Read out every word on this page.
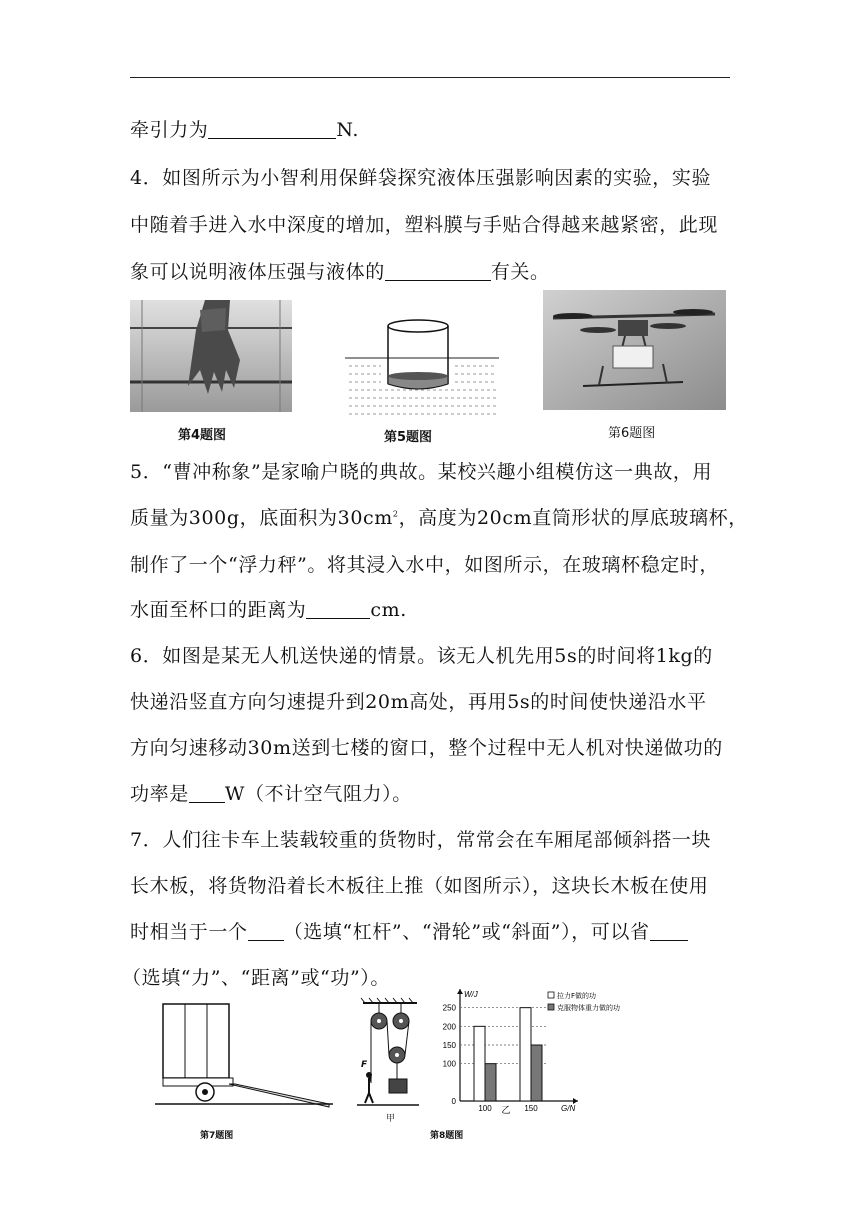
牵引力为	N.
4．如图所示为小智利用保鲜袋探究液体压强影响因素的实验，实验
中随着手进入水中深度的增加，塑料膜与手贴合得越来越紧密，此现
象可以说明液体压强与液体的	有关。
第4题图	第5题图	第6题图
5．“曹冲称象”是家喻户晓的典故。某校兴趣小组模仿这一典故，用
质量为300g，底面积为$30cm^2$，高度为20cm直筒形状的厚底玻璃杯，
制作了一个“浮力秤”。将其浸入水中，如图所示，在玻璃杯稳定时，
水面至杯口的距离为	cm.
6．如图是某无人机送快递的情景。该无人机先用5s的时间将1kg的
快递沿竖直方向匀速提升到20m高处，再用5s的时间使快递沿水平
方向匀速移动30m送到七楼的窗口，整个过程中无人机对快递做功的
功率是 W（不计空气阻力）。
7．人们往卡车上装载较重的货物时，常常会在车厢尾部倾斜搭一块
长木板，将货物沿着长木板往上推（如图所示），这块长木板在使用
时相当于一个 （选填“杠杆”、“滑轮”或“斜面”），可以省
（选填“力”、“距离”或“功”）。
第7题图
F
甲
W/J
G/N
250
200
150
100
0
100	150
乙
拉力F做的功
克服物体重力做的功
第8题图
